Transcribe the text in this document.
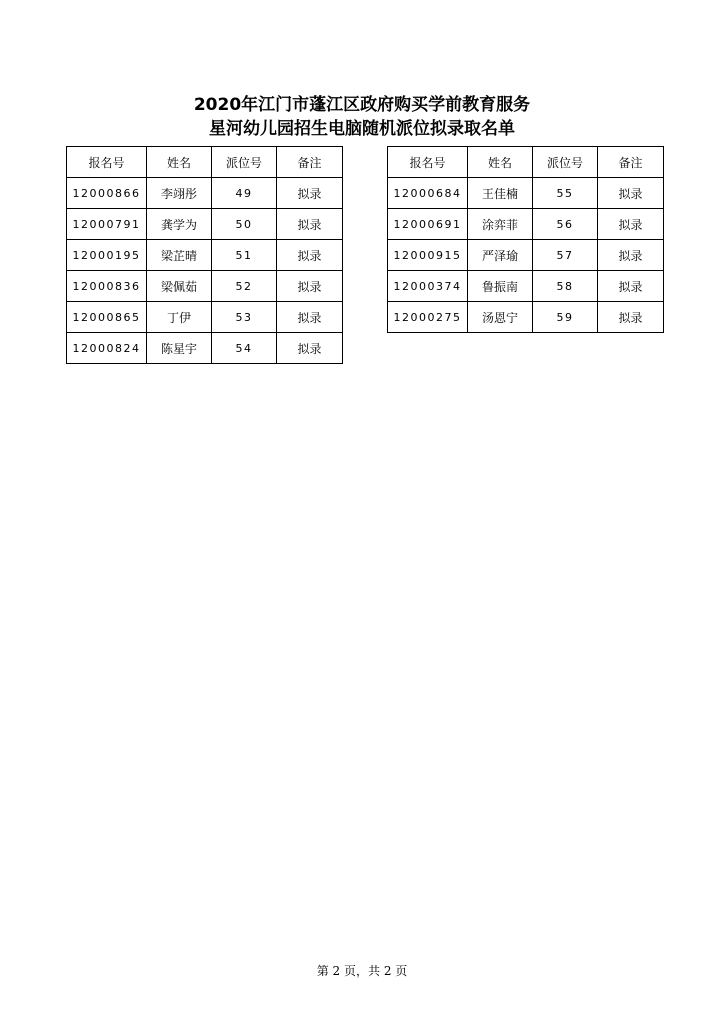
2020年江门市蓬江区政府购买学前教育服务
星河幼儿园招生电脑随机派位拟录取名单
报名号	姓名	派位号	备注
12000866	李翊彤	49	拟录
12000791	龚学为	50	拟录
12000195	梁芷晴	51	拟录
12000836	梁佩茹	52	拟录
12000865	丁伊	53	拟录
12000824	陈星宇	54	拟录
报名号	姓名	派位号	备注
12000684	王佳楠	55	拟录
12000691	涂弈菲	56	拟录
12000915	严泽瑜	57	拟录
12000374	鲁振南	58	拟录
12000275	汤恩宁	59	拟录
第 2 页，共 2 页
